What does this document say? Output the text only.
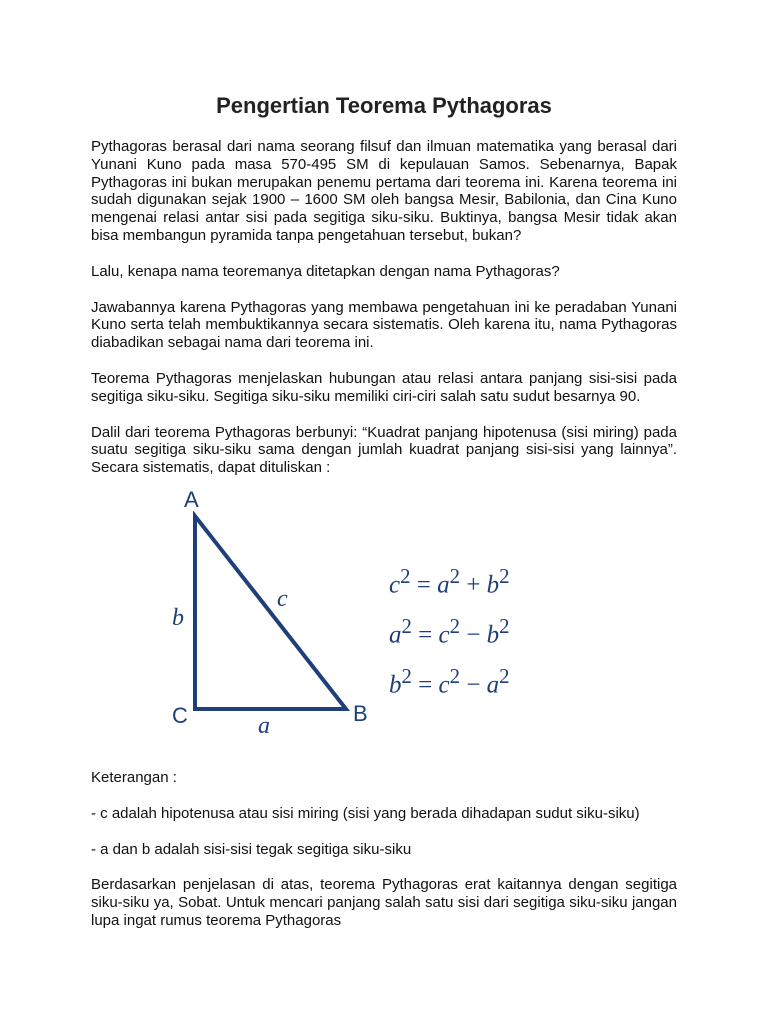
Pengertian Teorema Pythagoras

Pythagoras berasal dari nama seorang filsuf dan ilmuan matematika yang berasal dari Yunani Kuno pada masa 570-495 SM di kepulauan Samos. Sebenarnya, Bapak Pythagoras ini bukan merupakan penemu pertama dari teorema ini. Karena teorema ini sudah digunakan sejak 1900 – 1600 SM oleh bangsa Mesir, Babilonia, dan Cina Kuno mengenai relasi antar sisi pada segitiga siku-siku. Buktinya, bangsa Mesir tidak akan bisa membangun pyramida tanpa pengetahuan tersebut, bukan?

Lalu, kenapa nama teoremanya ditetapkan dengan nama Pythagoras?

Jawabannya karena Pythagoras yang membawa pengetahuan ini ke peradaban Yunani Kuno serta telah membuktikannya secara sistematis. Oleh karena itu, nama Pythagoras diabadikan sebagai nama dari teorema ini.

Teorema Pythagoras menjelaskan hubungan atau relasi antara panjang sisi-sisi pada segitiga siku-siku. Segitiga siku-siku memiliki ciri-ciri salah satu sudut besarnya 90.

Dalil dari teorema Pythagoras berbunyi: “Kuadrat panjang hipotenusa (sisi miring) pada suatu segitiga siku-siku sama dengan jumlah kuadrat panjang sisi-sisi yang lainnya”. Secara sistematis, dapat dituliskan :

A
B
C
b
c
a
$c^2 = a^2 + b^2$
$a^2 = c^2 - b^2$
$b^2 = c^2 - a^2$

Keterangan :

- c adalah hipotenusa atau sisi miring (sisi yang berada dihadapan sudut siku-siku)

- a dan b adalah sisi-sisi tegak segitiga siku-siku

Berdasarkan penjelasan di atas, teorema Pythagoras erat kaitannya dengan segitiga siku-siku ya, Sobat. Untuk mencari panjang salah satu sisi dari segitiga siku-siku jangan lupa ingat rumus teorema Pythagoras
